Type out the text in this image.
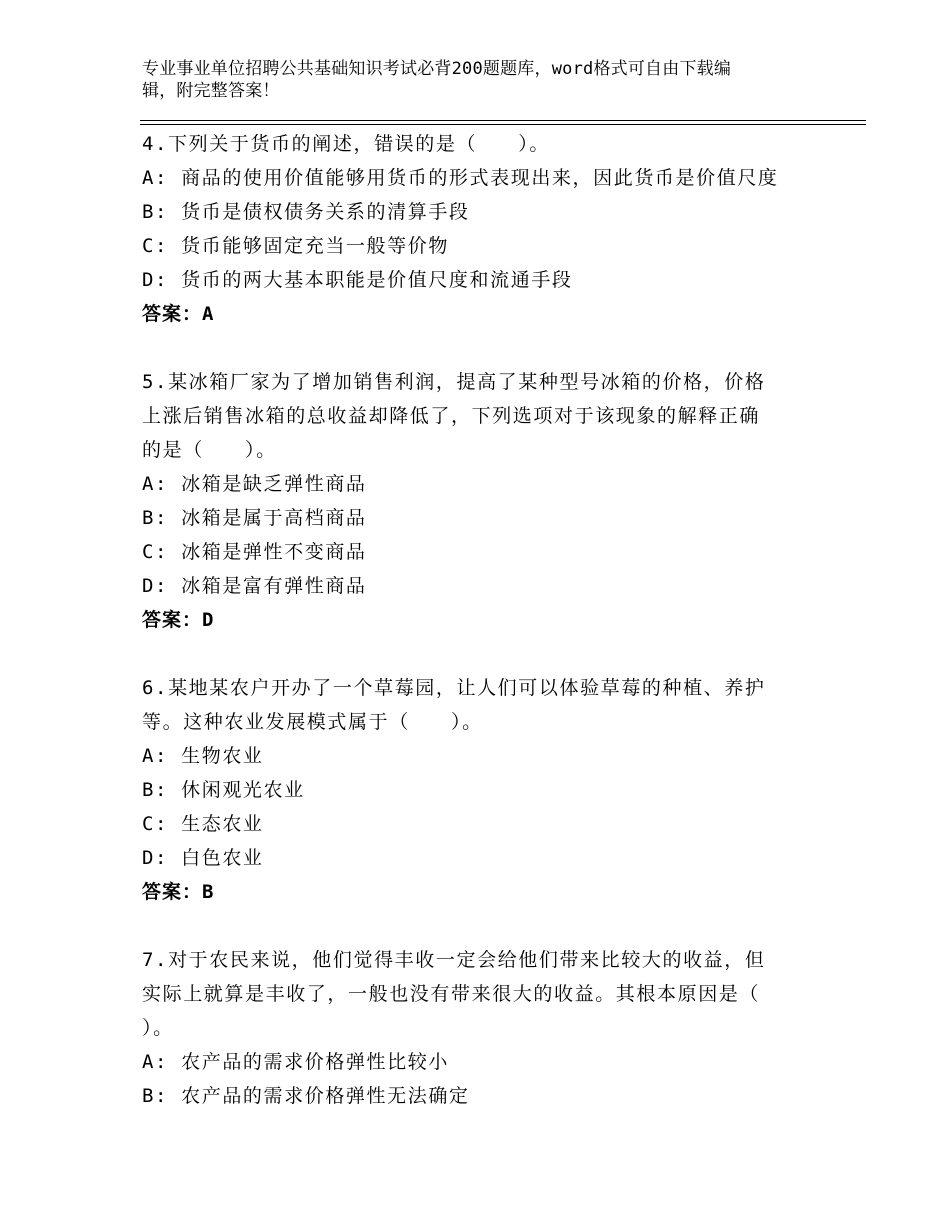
专业事业单位招聘公共基础知识考试必背200题题库，word格式可自由下载编
辑，附完整答案！
4.下列关于货币的阐述，错误的是（　　）。
A: 商品的使用价值能够用货币的形式表现出来，因此货币是价值尺度
B: 货币是债权债务关系的清算手段
C: 货币能够固定充当一般等价物
D: 货币的两大基本职能是价值尺度和流通手段
答案：A
5.某冰箱厂家为了增加销售利润，提高了某种型号冰箱的价格，价格
上涨后销售冰箱的总收益却降低了，下列选项对于该现象的解释正确
的是（　　）。
A: 冰箱是缺乏弹性商品
B: 冰箱是属于高档商品
C: 冰箱是弹性不变商品
D: 冰箱是富有弹性商品
答案：D
6.某地某农户开办了一个草莓园，让人们可以体验草莓的种植、养护
等。这种农业发展模式属于（　　）。
A: 生物农业
B: 休闲观光农业
C: 生态农业
D: 白色农业
答案：B
7.对于农民来说，他们觉得丰收一定会给他们带来比较大的收益，但
实际上就算是丰收了，一般也没有带来很大的收益。其根本原因是（
）。
A: 农产品的需求价格弹性比较小
B: 农产品的需求价格弹性无法确定
